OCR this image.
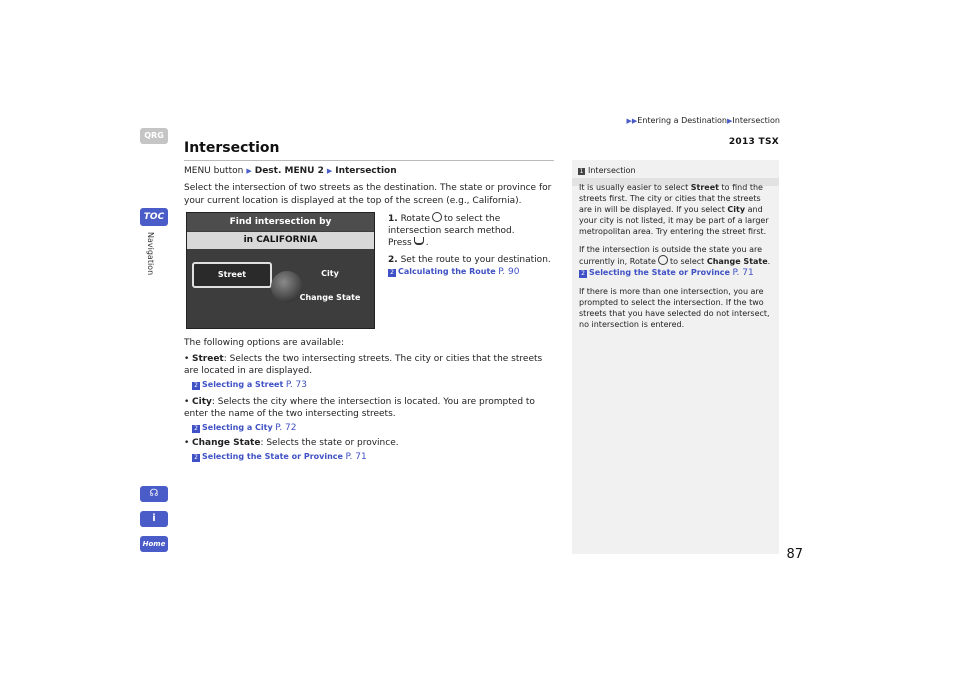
▶▶Entering a Destination▶Intersection
2013 TSX
QRG
TOC
Navigation
☊
i
Home
Intersection
MENU button ▶ Dest. MENU 2 ▶ Intersection
Select the intersection of two streets as the destination. The state or province for your current location is displayed at the top of the screen (e.g., California).
Find intersection by
in CALIFORNIA
Street	City
Change State
1. Rotate to select the intersection search method.
Press .
2. Set the route to your destination.
2 Calculating the Route P. 90
The following options are available:
• Street: Selects the two intersecting streets. The city or cities that the streets are located in are displayed.
2 Selecting a Street P. 73
• City: Selects the city where the intersection is located. You are prompted to enter the name of the two intersecting streets.
2 Selecting a City P. 72
• Change State: Selects the state or province.
2 Selecting the State or Province P. 71
1 Intersection

It is usually easier to select Street to find the streets first. The city or cities that the streets are in will be displayed. If you select City and your city is not listed, it may be part of a larger metropolitan area. Try entering the street first.

If the intersection is outside the state you are currently in, Rotate to select Change State.
2 Selecting the State or Province P. 71

If there is more than one intersection, you are prompted to select the intersection. If the two streets that you have selected do not intersect, no intersection is entered.

87
